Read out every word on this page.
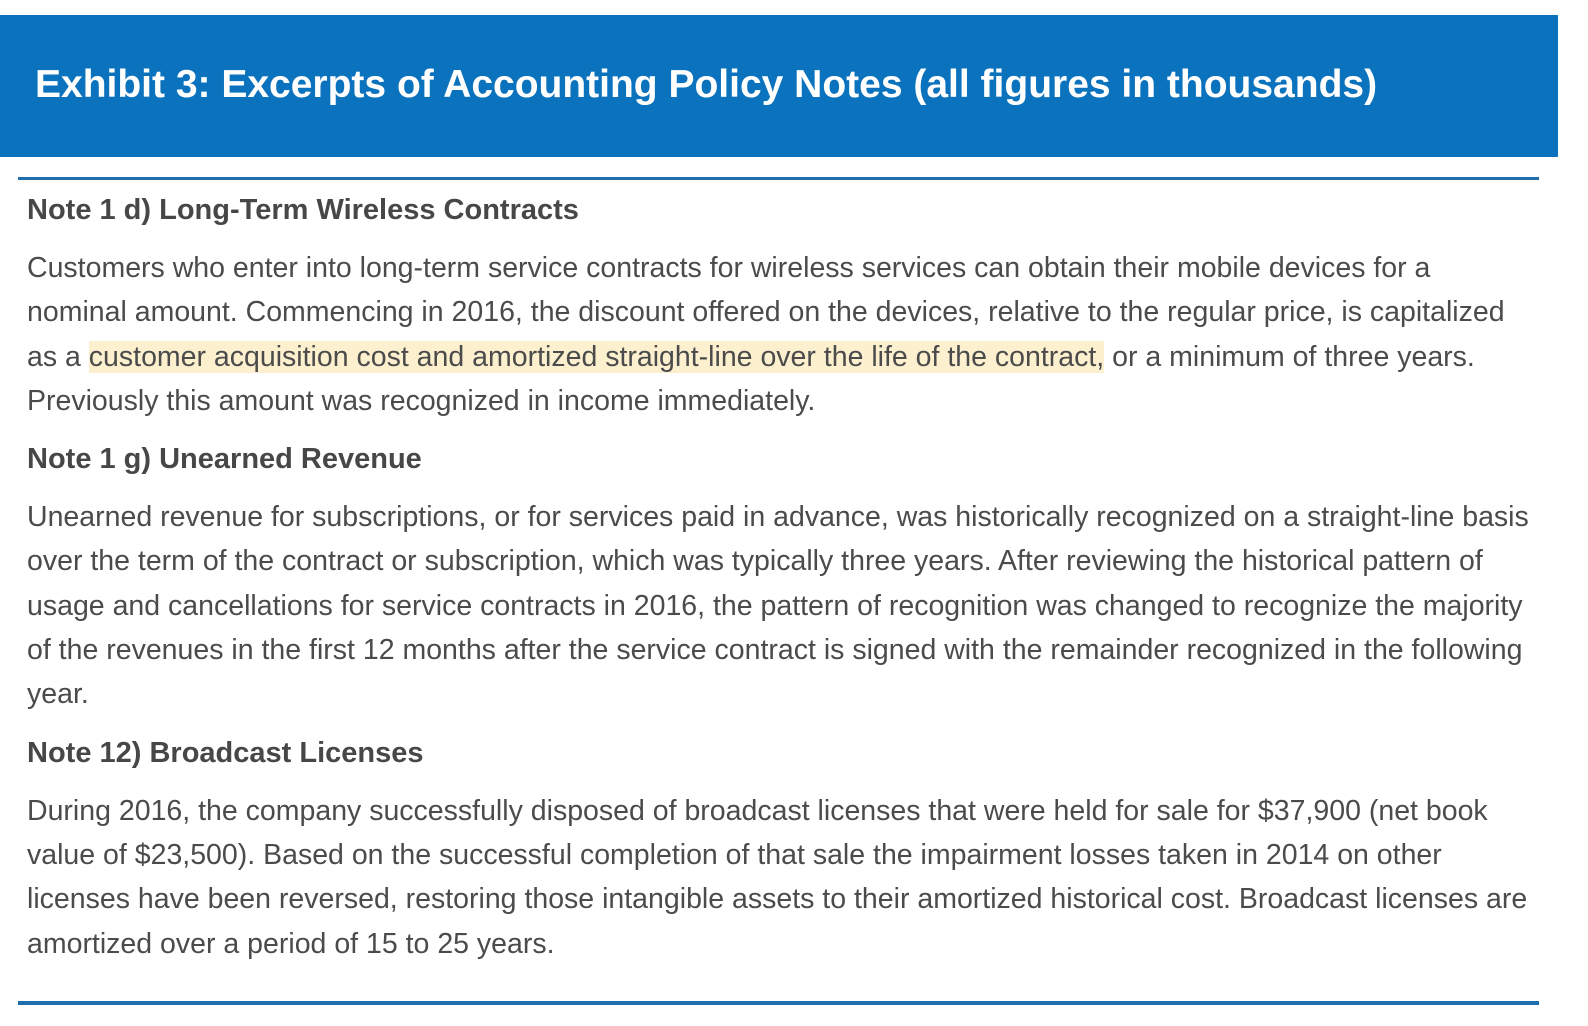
Exhibit 3: Excerpts of Accounting Policy Notes (all figures in thousands)
Note 1 d) Long-Term Wireless Contracts

Customers who enter into long-term service contracts for wireless services can obtain their mobile devices for a nominal amount. Commencing in 2016, the discount offered on the devices, relative to the regular price, is capitalized as a customer acquisition cost and amortized straight-line over the life of the contract, or a minimum of three years. Previously this amount was recognized in income immediately.

Note 1 g) Unearned Revenue

Unearned revenue for subscriptions, or for services paid in advance, was historically recognized on a straight-line basis over the term of the contract or subscription, which was typically three years. After reviewing the historical pattern of usage and cancellations for service contracts in 2016, the pattern of recognition was changed to recognize the majority of the revenues in the first 12 months after the service contract is signed with the remainder recognized in the following year.

Note 12) Broadcast Licenses

During 2016, the company successfully disposed of broadcast licenses that were held for sale for $37,900 (net book value of $23,500). Based on the successful completion of that sale the impairment losses taken in 2014 on other licenses have been reversed, restoring those intangible assets to their amortized historical cost. Broadcast licenses are amortized over a period of 15 to 25 years.
